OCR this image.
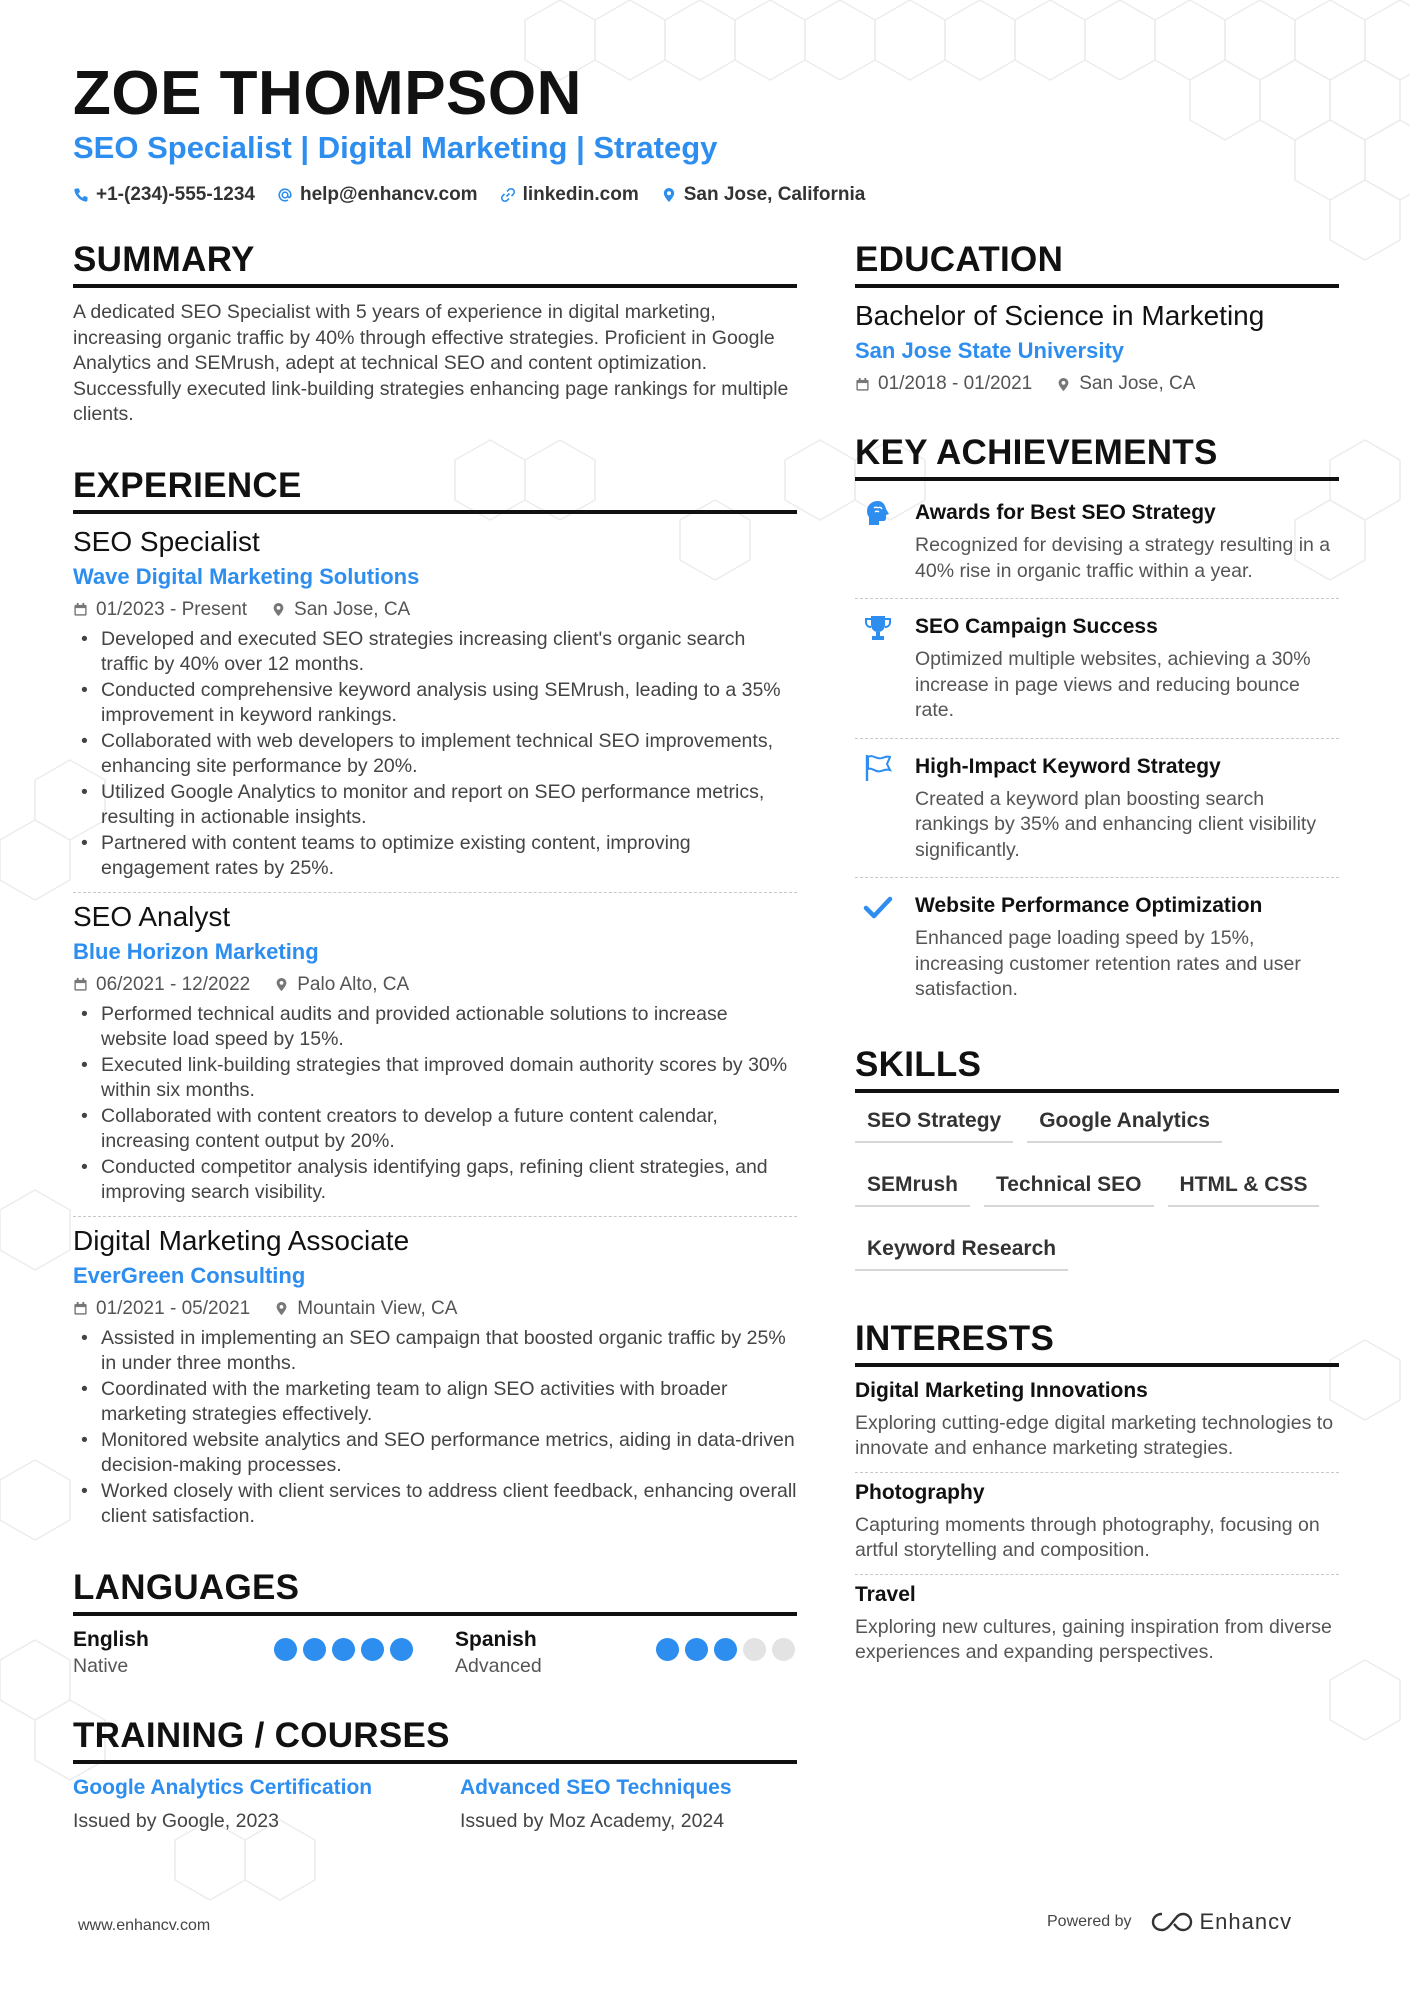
ZOE THOMPSON
SEO Specialist | Digital Marketing | Strategy
+1-(234)-555-1234 help@enhancv.com linkedin.com San Jose, California
SUMMARY
A dedicated SEO Specialist with 5 years of experience in digital marketing, increasing organic traffic by 40% through effective strategies. Proficient in Google Analytics and SEMrush, adept at technical SEO and content optimization. Successfully executed link-building strategies enhancing page rankings for multiple clients.
EXPERIENCE
SEO Specialist
Wave Digital Marketing Solutions
01/2023 - Present San Jose, CA
• Developed and executed SEO strategies increasing client's organic search traffic by 40% over 12 months.
• Conducted comprehensive keyword analysis using SEMrush, leading to a 35% improvement in keyword rankings.
• Collaborated with web developers to implement technical SEO improvements, enhancing site performance by 20%.
• Utilized Google Analytics to monitor and report on SEO performance metrics, resulting in actionable insights.
• Partnered with content teams to optimize existing content, improving engagement rates by 25%.
SEO Analyst
Blue Horizon Marketing
06/2021 - 12/2022 Palo Alto, CA
• Performed technical audits and provided actionable solutions to increase website load speed by 15%.
• Executed link-building strategies that improved domain authority scores by 30% within six months.
• Collaborated with content creators to develop a future content calendar, increasing content output by 20%.
• Conducted competitor analysis identifying gaps, refining client strategies, and improving search visibility.
Digital Marketing Associate
EverGreen Consulting
01/2021 - 05/2021 Mountain View, CA
• Assisted in implementing an SEO campaign that boosted organic traffic by 25% in under three months.
• Coordinated with the marketing team to align SEO activities with broader marketing strategies effectively.
• Monitored website analytics and SEO performance metrics, aiding in data-driven decision-making processes.
• Worked closely with client services to address client feedback, enhancing overall client satisfaction.
LANGUAGES
English
Native
Spanish
Advanced
TRAINING / COURSES
Google Analytics Certification
Issued by Google, 2023
Advanced SEO Techniques
Issued by Moz Academy, 2024
EDUCATION
Bachelor of Science in Marketing
San Jose State University
01/2018 - 01/2021 San Jose, CA
KEY ACHIEVEMENTS
Awards for Best SEO Strategy
Recognized for devising a strategy resulting in a 40% rise in organic traffic within a year.
SEO Campaign Success
Optimized multiple websites, achieving a 30% increase in page views and reducing bounce rate.
High-Impact Keyword Strategy
Created a keyword plan boosting search rankings by 35% and enhancing client visibility significantly.
Website Performance Optimization
Enhanced page loading speed by 15%, increasing customer retention rates and user satisfaction.
SKILLS
SEO Strategy	Google Analytics
SEMrush	Technical SEO	HTML & CSS
Keyword Research
INTERESTS
Digital Marketing Innovations
Exploring cutting-edge digital marketing technologies to innovate and enhance marketing strategies.
Photography
Capturing moments through photography, focusing on artful storytelling and composition.
Travel
Exploring new cultures, gaining inspiration from diverse experiences and expanding perspectives.
www.enhancv.com	Powered by	Enhancv
